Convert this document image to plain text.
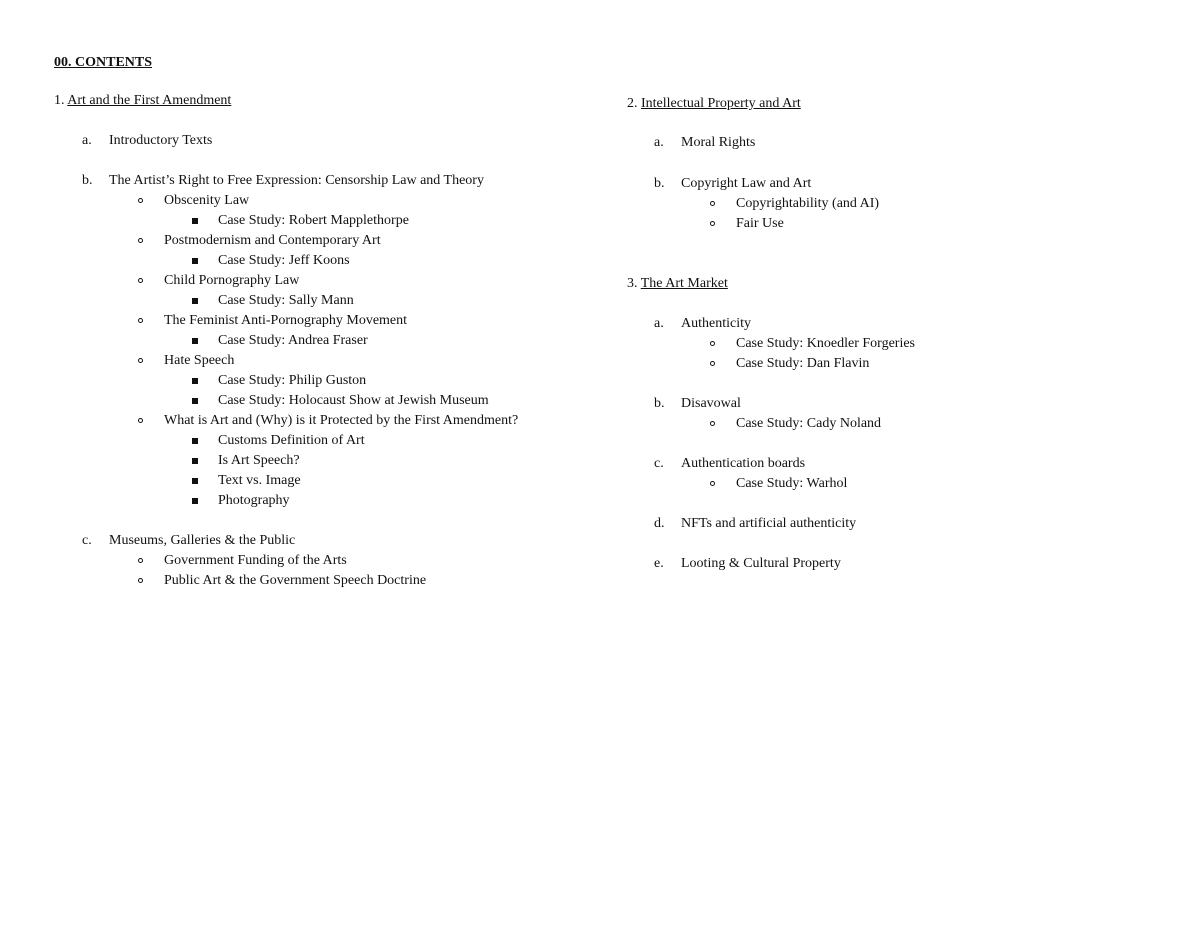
00. CONTENTS
1. Art and the First Amendment
a. Introductory Texts
b. The Artist’s Right to Free Expression: Censorship Law and Theory
Obscenity Law
Case Study: Robert Mapplethorpe
Postmodernism and Contemporary Art
Case Study: Jeff Koons
Child Pornography Law
Case Study: Sally Mann
The Feminist Anti-Pornography Movement
Case Study: Andrea Fraser
Hate Speech
Case Study: Philip Guston
Case Study: Holocaust Show at Jewish Museum
What is Art and (Why) is it Protected by the First Amendment?
Customs Definition of Art
Is Art Speech?
Text vs. Image
Photography
c. Museums, Galleries & the Public
Government Funding of the Arts
Public Art & the Government Speech Doctrine
2. Intellectual Property and Art
a. Moral Rights
b. Copyright Law and Art
Copyrightability (and AI)
Fair Use
3. The Art Market
a. Authenticity
Case Study: Knoedler Forgeries
Case Study: Dan Flavin
b. Disavowal
Case Study: Cady Noland
c. Authentication boards
Case Study: Warhol
d. NFTs and artificial authenticity
e. Looting & Cultural Property
